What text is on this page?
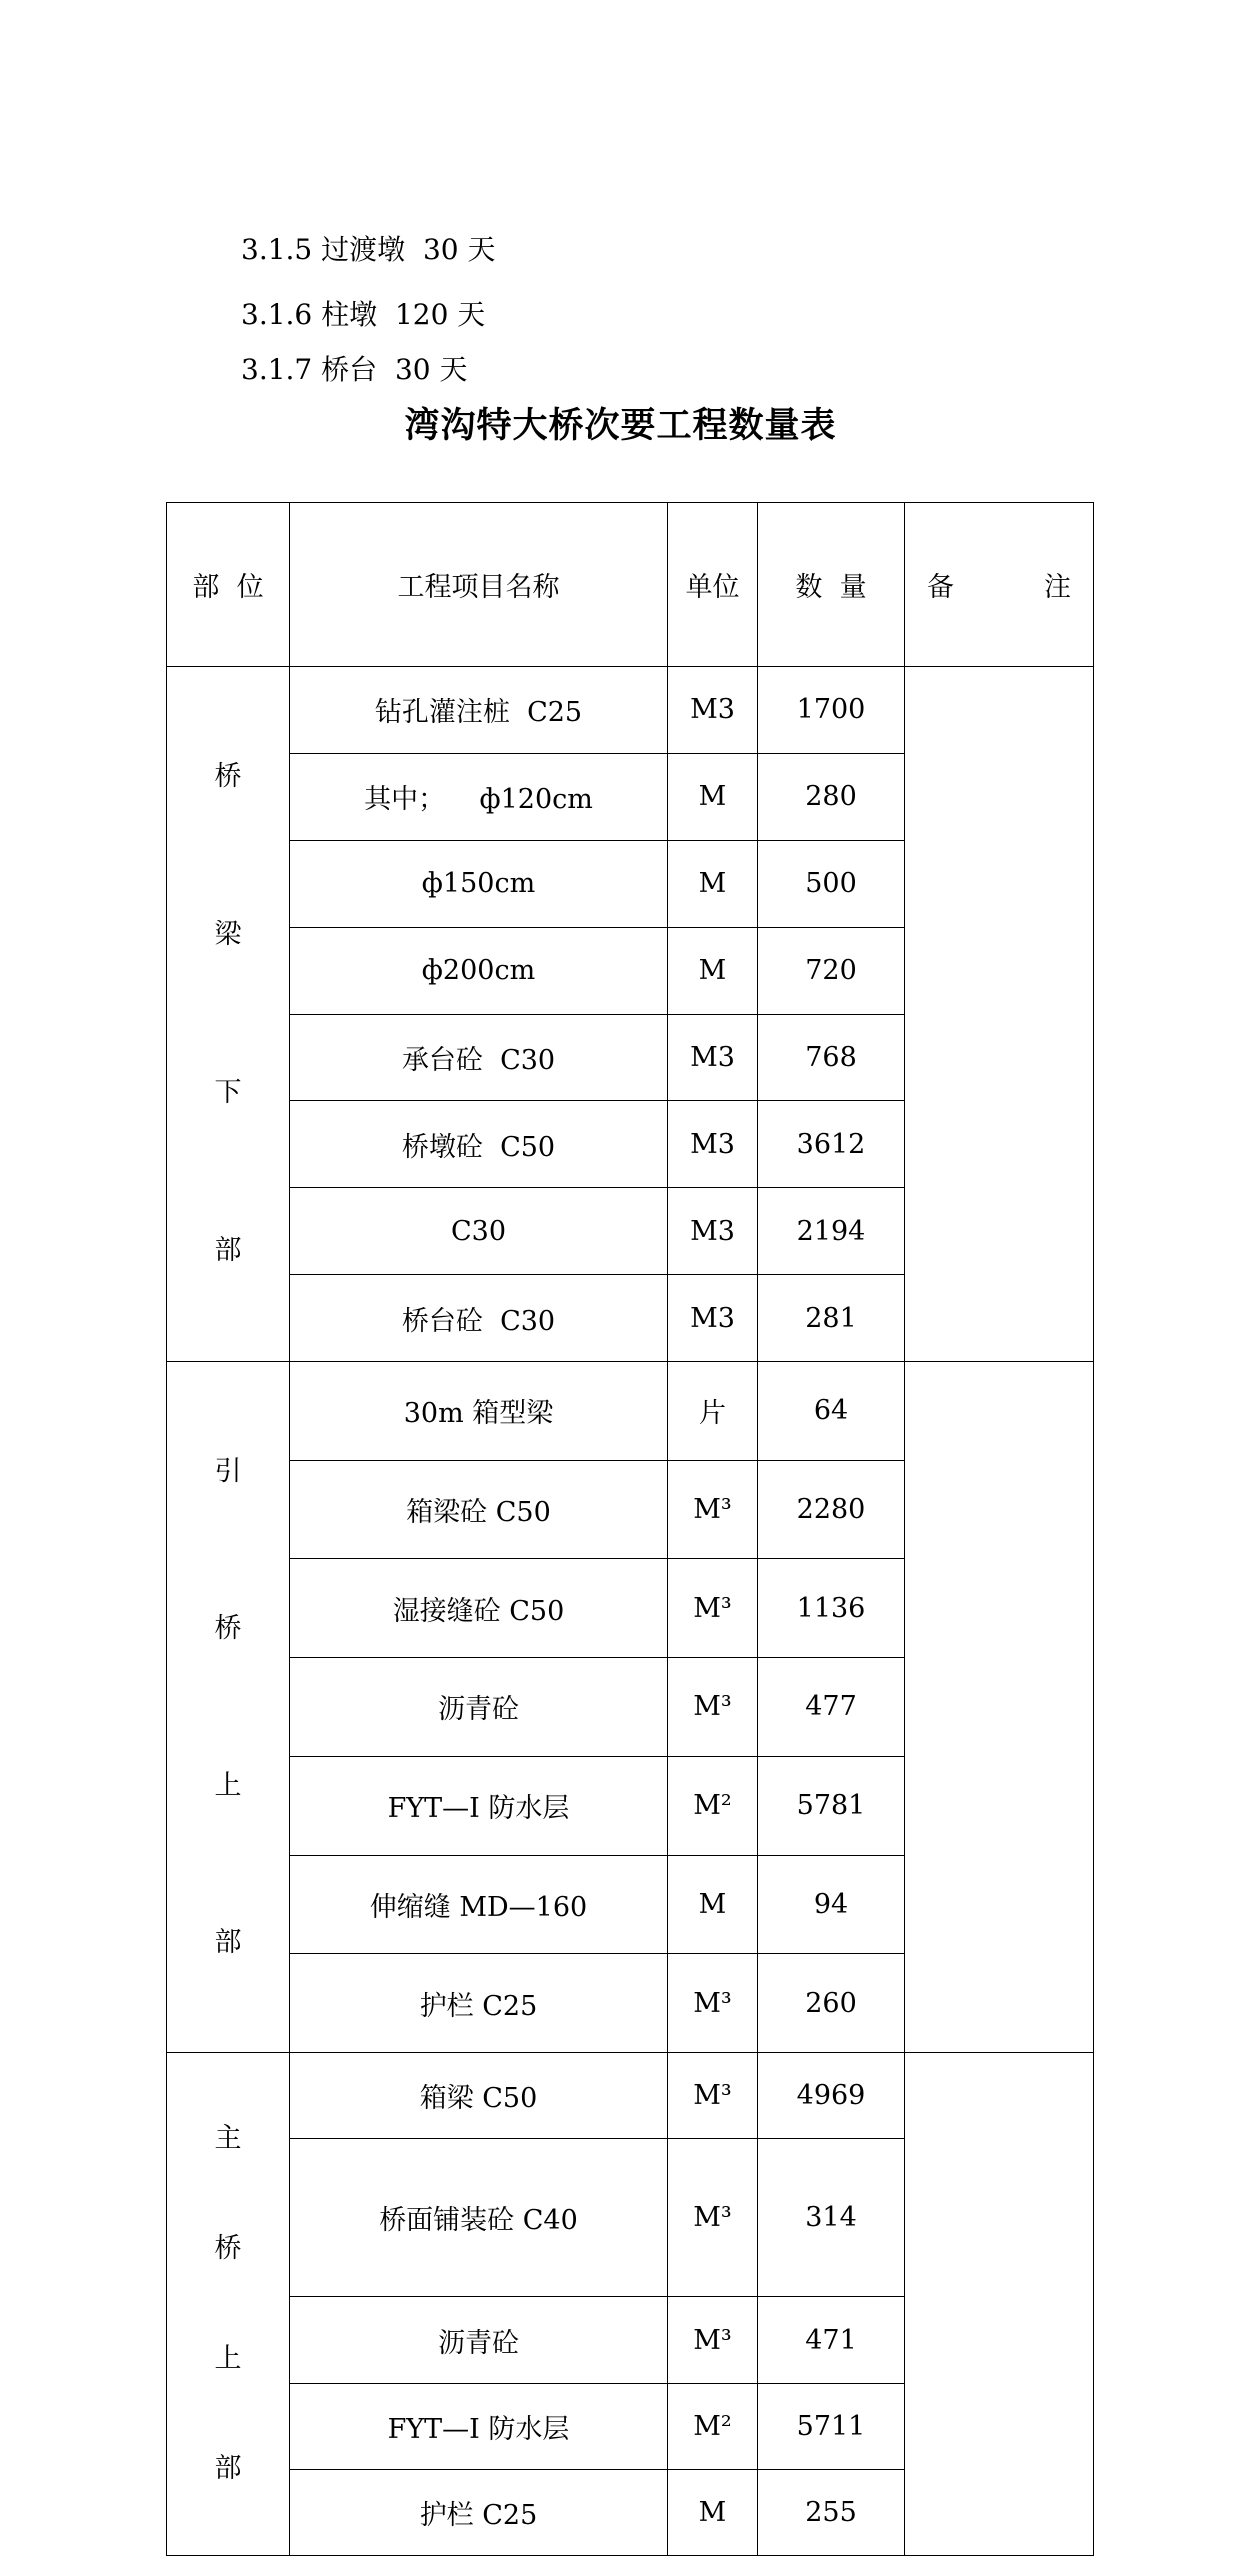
3.1.5 过渡墩  30 天
3.1.6 柱墩  120 天
3.1.7 桥台  30 天
湾沟特大桥次要工程数量表
部  位	工程项目名称	单位	数  量	备 注

桥

梁

下

部	钻孔灌注桩  C25	M3	1700	
	其中；    ф120cm	M	280	
	ф150cm	M	500	
	ф200cm	M	720	
	承台砼  C30	M3	768	
	桥墩砼  C50	M3	3612	
	C30	M3	2194	
	桥台砼  C30	M3	281	

引

桥

上

部	30m 箱型梁	片	64	
	箱梁砼 C50	M³	2280	
	湿接缝砼 C50	M³	1136	
	沥青砼	M³	477	
	FYT—I 防水层	M²	5781	
	伸缩缝 MD—160	M	94	
	护栏 C25	M³	260	

主

桥

上

部	箱梁 C50	M³	4969	
	桥面铺装砼 C40	M³	314	
	沥青砼	M³	471	
	FYT—I 防水层	M²	5711	
	护栏 C25	M	255	
